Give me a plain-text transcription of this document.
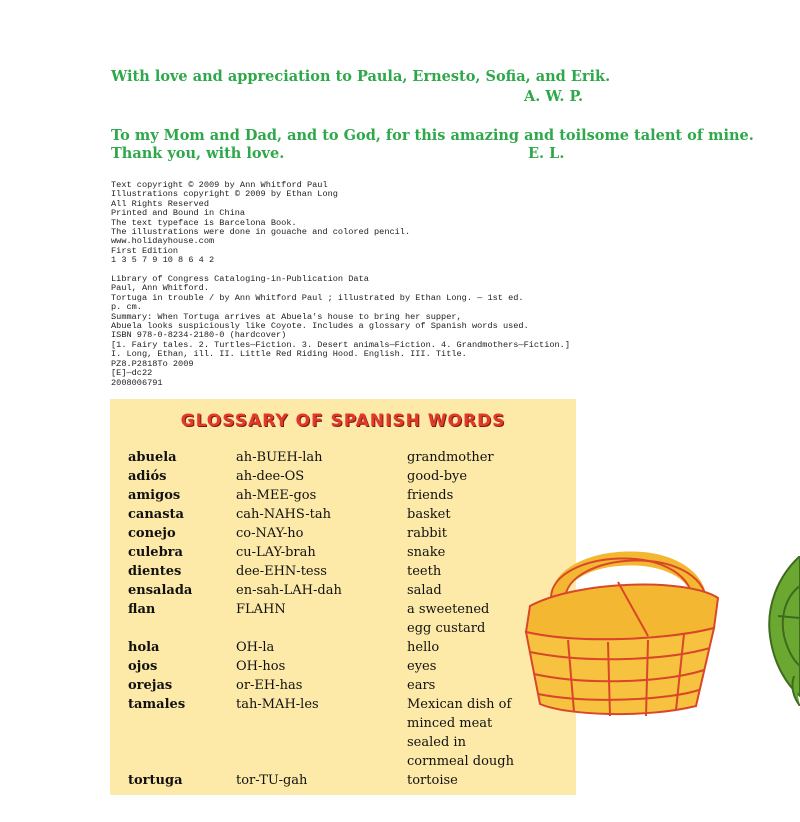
With love and appreciation to Paula, Ernesto, Sofia, and Erik.
A. W. P.
To my Mom and Dad, and to God, for this amazing and toilsome talent of mine.
Thank you, with love.	E. L.
Text copyright © 2009 by Ann Whitford Paul
Illustrations copyright © 2009 by Ethan Long
All Rights Reserved
Printed and Bound in China
The text typeface is Barcelona Book.
The illustrations were done in gouache and colored pencil.
www.holidayhouse.com
First Edition
1 3 5 7 9 10 8 6 4 2
Library of Congress Cataloging-in-Publication Data
Paul, Ann Whitford.
Tortuga in trouble / by Ann Whitford Paul ; illustrated by Ethan Long. — 1st ed.
p. cm.
Summary: When Tortuga arrives at Abuela's house to bring her supper,
Abuela looks suspiciously like Coyote. Includes a glossary of Spanish words used.
ISBN 978-0-8234-2180-0 (hardcover)
[1. Fairy tales. 2. Turtles—Fiction. 3. Desert animals—Fiction. 4. Grandmothers—Fiction.]
I. Long, Ethan, ill. II. Little Red Riding Hood. English. III. Title.
PZ8.P2818To 2009
[E]—dc22
2008006791
GLOSSARY OF SPANISH WORDS
abuela
adiós
amigos
canasta
conejo
culebra
dientes
ensalada
flan
hola
ojos
orejas
tamales
tortuga
ah-BUEH-lah
ah-dee-OS
ah-MEE-gos
cah-NAHS-tah
co-NAY-ho
cu-LAY-brah
dee-EHN-tess
en-sah-LAH-dah
FLAHN
OH-la
OH-hos
or-EH-has
tah-MAH-les
tor-TU-gah
grandmother
good-bye
friends
basket
rabbit
snake
teeth
salad
a sweetened
egg custard
hello
eyes
ears
Mexican dish of
minced meat
sealed in
cornmeal dough
tortoise
